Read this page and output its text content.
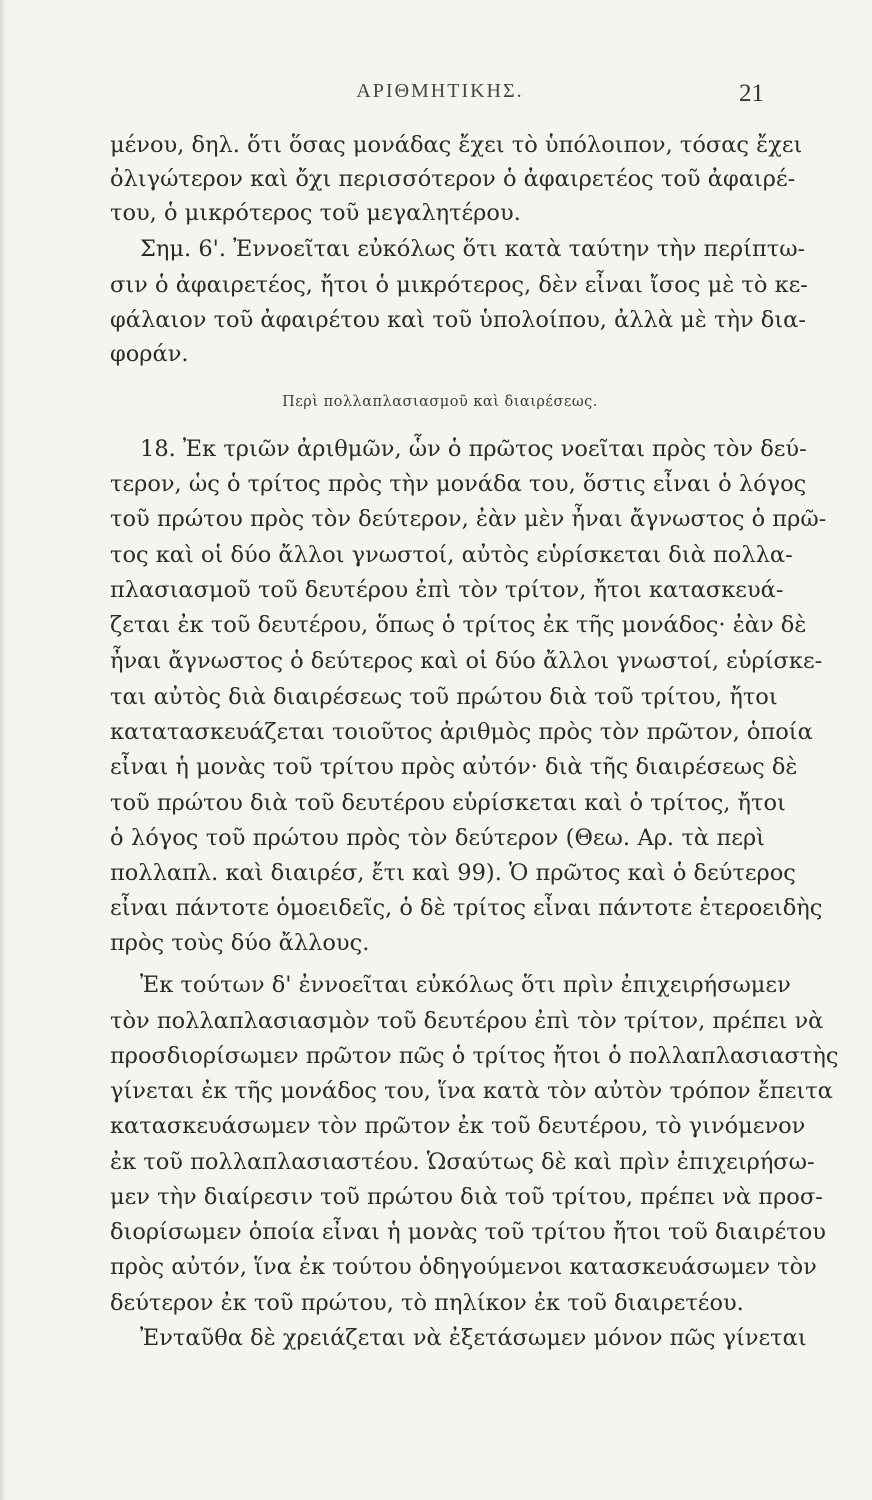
ΑΡΙΘΜΗΤΙΚΗΣ.	21
μένου, δηλ. ὅτι ὅσας μονάδας ἔχει τὸ ὑπόλοιπον, τόσας ἔχει
ὀλιγώτερον καὶ ὄχι περισσότερον ὁ ἀφαιρετέος τοῦ ἀφαιρέ-
του, ὁ μικρότερος τοῦ μεγαλητέρου.
Σημ. 6'. Ἐννοεῖται εὐκόλως ὅτι κατὰ ταύτην τὴν περίπτω-
σιν ὁ ἀφαιρετέος, ἤτοι ὁ μικρότερος, δὲν εἶναι ἴσος μὲ τὸ κε-
φάλαιον τοῦ ἀφαιρέτου καὶ τοῦ ὑπολοίπου, ἀλλὰ μὲ τὴν δια-
φοράν.
Περὶ πολλαπλασιασμοῦ καὶ διαιρέσεως.
18. Ἐκ τριῶν ἀριθμῶν, ὧν ὁ πρῶτος νοεῖται πρὸς τὸν δεύ-
τερον, ὡς ὁ τρίτος πρὸς τὴν μονάδα του, ὅστις εἶναι ὁ λόγος
τοῦ πρώτου πρὸς τὸν δεύτερον, ἐὰν μὲν ἦναι ἄγνωστος ὁ πρῶ-
τος καὶ οἱ δύο ἄλλοι γνωστοί, αὐτὸς εὑρίσκεται διὰ πολλα-
πλασιασμοῦ τοῦ δευτέρου ἐπὶ τὸν τρίτον, ἤτοι κατασκευά-
ζεται ἐκ τοῦ δευτέρου, ὅπως ὁ τρίτος ἐκ τῆς μονάδος· ἐὰν δὲ
ἦναι ἄγνωστος ὁ δεύτερος καὶ οἱ δύο ἄλλοι γνωστοί, εὑρίσκε-
ται αὐτὸς διὰ διαιρέσεως τοῦ πρώτου διὰ τοῦ τρίτου, ἤτοι
κατατασκευάζεται τοιοῦτος ἀριθμὸς πρὸς τὸν πρῶτον, ὁποία
εἶναι ἡ μονὰς τοῦ τρίτου πρὸς αὐτόν· διὰ τῆς διαιρέσεως δὲ
τοῦ πρώτου διὰ τοῦ δευτέρου εὑρίσκεται καὶ ὁ τρίτος, ἤτοι
ὁ λόγος τοῦ πρώτου πρὸς τὸν δεύτερον (Θεω. Αρ. τὰ περὶ
πολλαπλ. καὶ διαιρέσ, ἔτι καὶ 99). Ὁ πρῶτος καὶ ὁ δεύτερος
εἶναι πάντοτε ὁμοειδεῖς, ὁ δὲ τρίτος εἶναι πάντοτε ἑτεροειδὴς
πρὸς τοὺς δύο ἄλλους.
Ἐκ τούτων δ' ἐννοεῖται εὐκόλως ὅτι πρὶν ἐπιχειρήσωμεν
τὸν πολλαπλασιασμὸν τοῦ δευτέρου ἐπὶ τὸν τρίτον, πρέπει νὰ
προσδιορίσωμεν πρῶτον πῶς ὁ τρίτος ἤτοι ὁ πολλαπλασιαστὴς
γίνεται ἐκ τῆς μονάδος του, ἵνα κατὰ τὸν αὐτὸν τρόπον ἔπειτα
κατασκευάσωμεν τὸν πρῶτον ἐκ τοῦ δευτέρου, τὸ γινόμενον
ἐκ τοῦ πολλαπλασιαστέου. Ὡσαύτως δὲ καὶ πρὶν ἐπιχειρήσω-
μεν τὴν διαίρεσιν τοῦ πρώτου διὰ τοῦ τρίτου, πρέπει νὰ προσ-
διορίσωμεν ὁποία εἶναι ἡ μονὰς τοῦ τρίτου ἤτοι τοῦ διαιρέτου
πρὸς αὐτόν, ἵνα ἐκ τούτου ὁδηγούμενοι κατασκευάσωμεν τὸν
δεύτερον ἐκ τοῦ πρώτου, τὸ πηλίκον ἐκ τοῦ διαιρετέου.
Ἐνταῦθα δὲ χρειάζεται νὰ ἐξετάσωμεν μόνον πῶς γίνεται
